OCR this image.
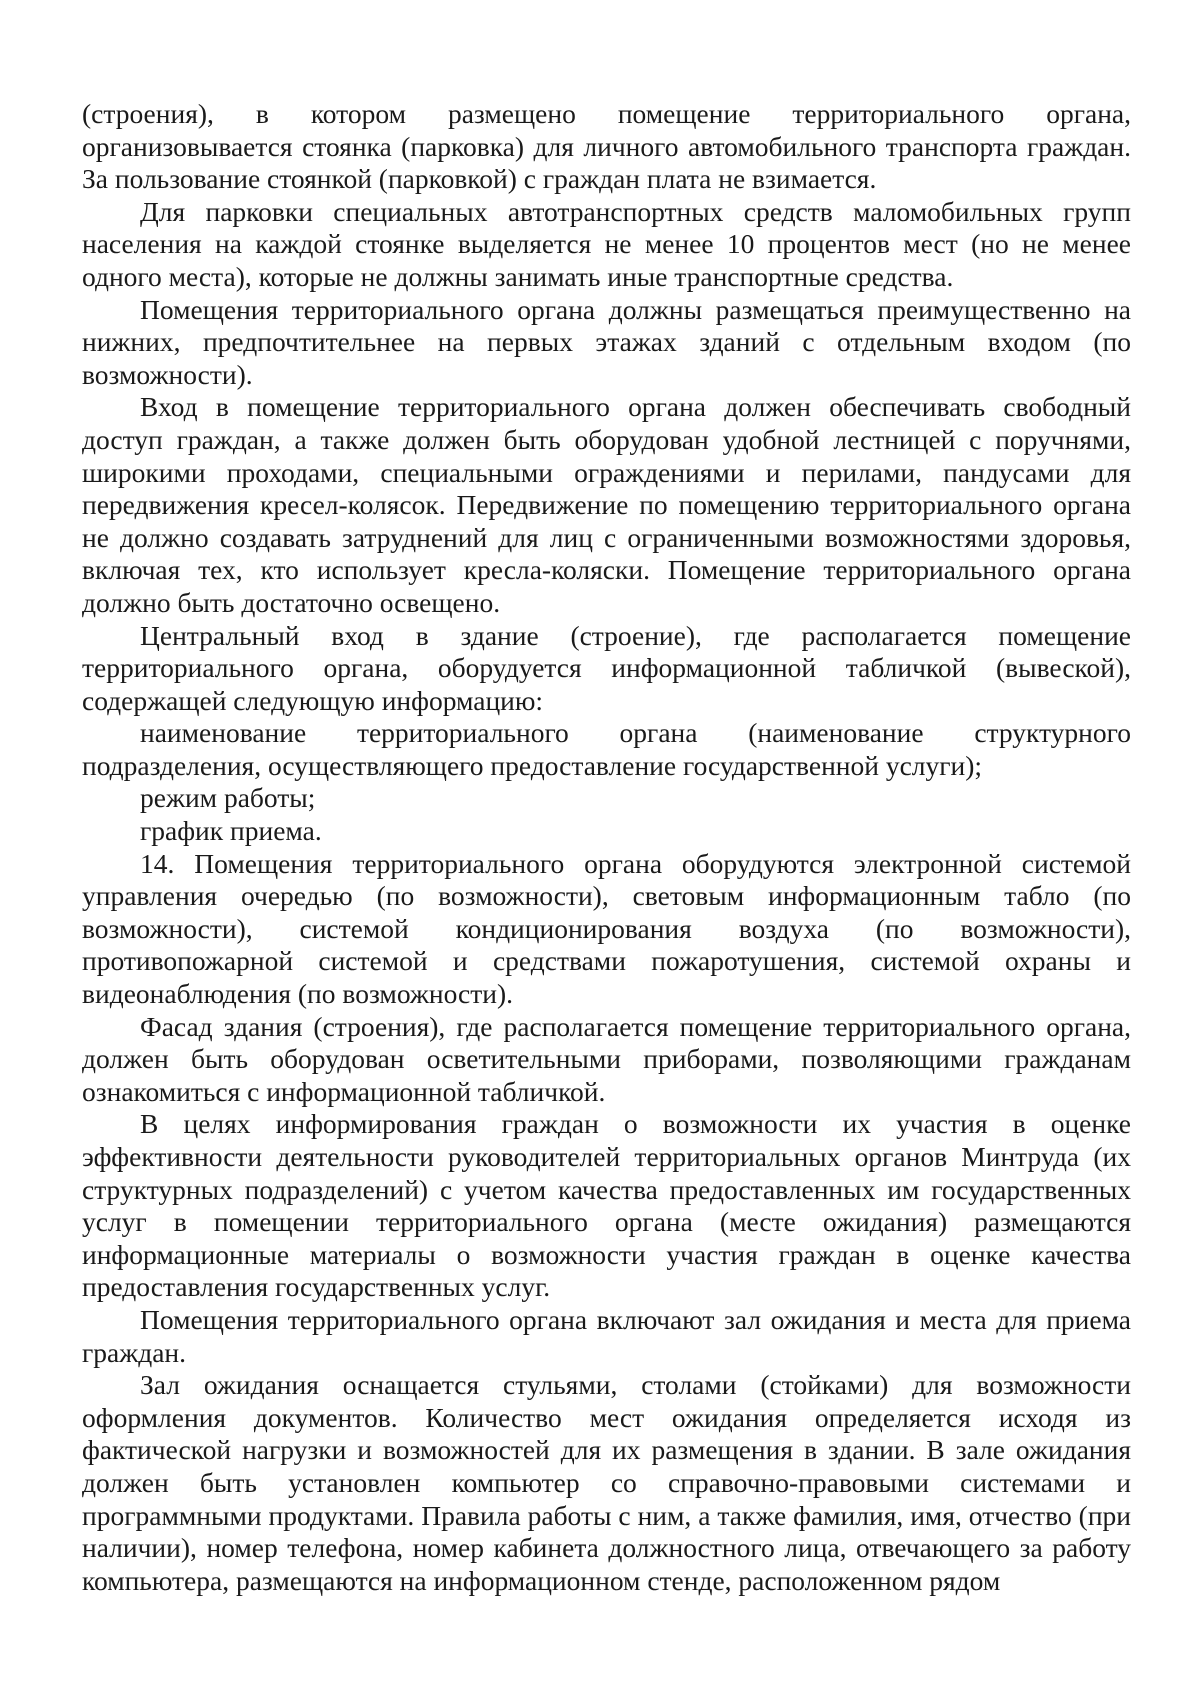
(строения), в котором размещено помещение территориального органа, организовывается стоянка (парковка) для личного автомобильного транспорта граждан. За пользование стоянкой (парковкой) с граждан плата не взимается.

Для парковки специальных автотранспортных средств маломобильных групп населения на каждой стоянке выделяется не менее 10 процентов мест (но не менее одного места), которые не должны занимать иные транспортные средства.

Помещения территориального органа должны размещаться преимущественно на нижних, предпочтительнее на первых этажах зданий с отдельным входом (по возможности).

Вход в помещение территориального органа должен обеспечивать свободный доступ граждан, а также должен быть оборудован удобной лестницей с поручнями, широкими проходами, специальными ограждениями и перилами, пандусами для передвижения кресел-колясок. Передвижение по помещению территориального органа не должно создавать затруднений для лиц с ограниченными возможностями здоровья, включая тех, кто использует кресла-коляски. Помещение территориального органа должно быть достаточно освещено.

Центральный вход в здание (строение), где располагается помещение территориального органа, оборудуется информационной табличкой (вывеской), содержащей следующую информацию:

наименование территориального органа (наименование структурного подразделения, осуществляющего предоставление государственной услуги);

режим работы;

график приема.

14. Помещения территориального органа оборудуются электронной системой управления очередью (по возможности), световым информационным табло (по возможности), системой кондиционирования воздуха (по возможности), противопожарной системой и средствами пожаротушения, системой охраны и видеонаблюдения (по возможности).

Фасад здания (строения), где располагается помещение территориального органа, должен быть оборудован осветительными приборами, позволяющими гражданам ознакомиться с информационной табличкой.

В целях информирования граждан о возможности их участия в оценке эффективности деятельности руководителей территориальных органов Минтруда (их структурных подразделений) с учетом качества предоставленных им государственных услуг в помещении территориального органа (месте ожидания) размещаются информационные материалы о возможности участия граждан в оценке качества предоставления государственных услуг.

Помещения территориального органа включают зал ожидания и места для приема граждан.

Зал ожидания оснащается стульями, столами (стойками) для возможности оформления документов. Количество мест ожидания определяется исходя из фактической нагрузки и возможностей для их размещения в здании. В зале ожидания должен быть установлен компьютер со справочно-правовыми системами и программными продуктами. Правила работы с ним, а также фамилия, имя, отчество (при наличии), номер телефона, номер кабинета должностного лица, отвечающего за работу компьютера, размещаются на информационном стенде, расположенном рядом
